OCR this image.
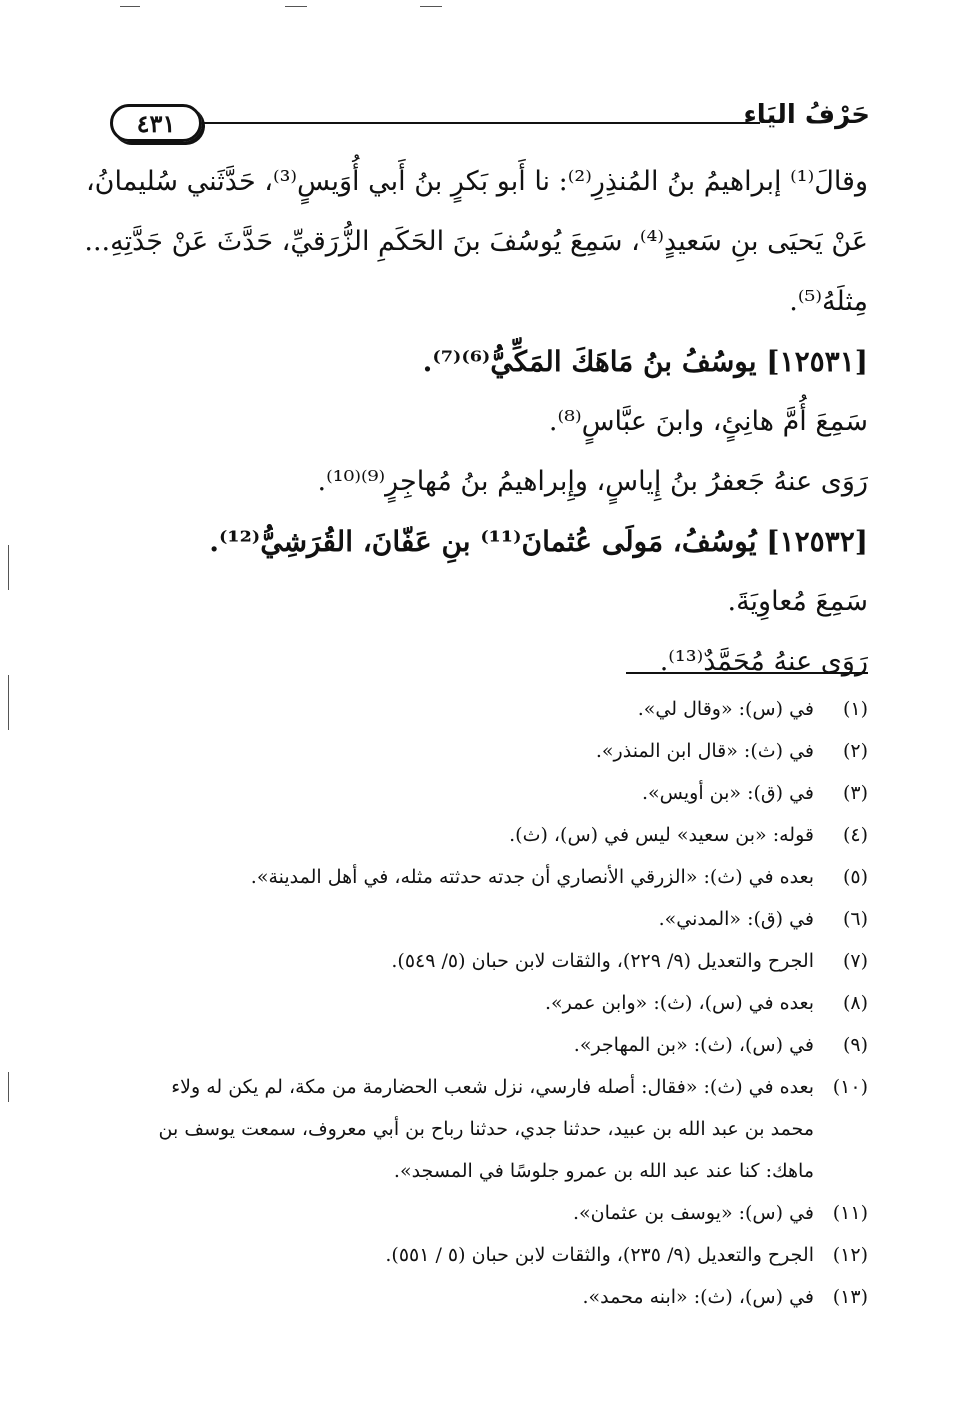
٤٣١	حَرْفُ اليَاء
وقالَ⁽¹⁾ إبراهيمُ بنُ المُنذِرِ⁽²⁾: نا أَبو بَكرٍ بنُ أَبي أُوَيسٍ⁽³⁾، حَدَّثَني سُليمانُ،
عَنْ يَحيَى بنِ سَعيدٍ⁽⁴⁾، سَمِعَ يُوسُفَ بنَ الحَكَمِ الزُّرَقيِّ، حَدَّثَ عَنْ جَدَّتِهِ...
مِثلَهُ⁽⁵⁾.
[١٢٥٣١] يوسُفُ بنُ مَاهَكَ المَكِّيُّ⁽⁶⁾⁽⁷⁾.
سَمِعَ أُمَّ هانِئٍ، وابنَ عبَّاسٍ⁽⁸⁾.
رَوَى عنهُ جَعفرُ بنُ إِياسٍ، وإِبراهيمُ بنُ مُهاجِرٍ⁽⁹⁾⁽¹⁰⁾.
[١٢٥٣٢] يُوسُفُ، مَولَى عُثمانَ⁽¹¹⁾ بنِ عَفّانَ، القُرَشِيُّ⁽¹²⁾.
سَمِعَ مُعاوِيَةَ.
رَوَى عنهُ مُحَمَّدٌ⁽¹³⁾.
(١)في (س): «وقال لي».
(٢)في (ث): «قال ابن المنذر».
(٣)في (ق): «بن أويس».
(٤)قوله: «بن سعيد» ليس في (س)، (ث).
(٥)بعده في (ث): «الزرقي الأنصاري أن جدته حدثته مثله، في أهل المدينة».
(٦)في (ق): «المدني».
(٧)الجرح والتعديل (٩/ ٢٢٩)، والثقات لابن حبان (٥/ ٥٤٩).
(٨)بعده في (س)، (ث): «وابن عمر».
(٩)في (س)، (ث): «بن المهاجر».
(١٠)بعده في (ث): «فقال: أصله فارسي، نزل شعب الحضارمة من مكة، لم يكن له ولاء
محمد بن عبد الله بن عبيد، حدثنا جدي، حدثنا رباح بن أبي معروف، سمعت يوسف بن
ماهك: كنا عند عبد الله بن عمرو جلوسًا في المسجد».
(١١)في (س): «يوسف بن عثمان».
(١٢)الجرح والتعديل (٩/ ٢٣٥)، والثقات لابن حبان (٥ / ٥٥١).
(١٣)في (س)، (ث): «ابنه محمد».
